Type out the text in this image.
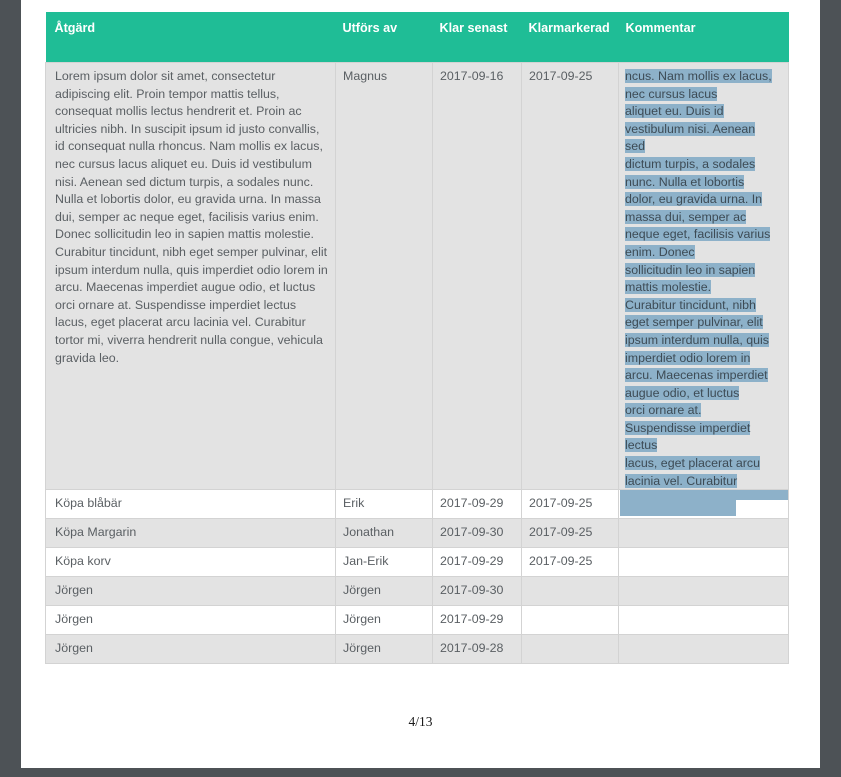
Åtgärd	Utförs av	Klar senast	Klarmarkerad	Kommentar
Lorem ipsum dolor sit amet, consectetur adipiscing elit. Proin tempor mattis tellus, consequat mollis lectus hendrerit et. Proin ac ultricies nibh. In suscipit ipsum id justo convallis, id consequat nulla rhoncus. Nam mollis ex lacus, nec cursus lacus aliquet eu. Duis id vestibulum nisi. Aenean sed dictum turpis, a sodales nunc. Nulla et lobortis dolor, eu gravida urna. In massa dui, semper ac neque eget, facilisis varius enim. Donec sollicitudin leo in sapien mattis molestie. Curabitur tincidunt, nibh eget semper pulvinar, elit ipsum interdum nulla, quis imperdiet odio lorem in arcu. Maecenas imperdiet augue odio, et luctus orci ornare at. Suspendisse imperdiet lectus lacus, eget placerat arcu lacinia vel. Curabitur tortor mi, viverra hendrerit nulla congue, vehicula gravida leo.	Magnus	2017-09-16	2017-09-25	ncus. Nam mollis ex lacus,
nec cursus lacus
aliquet eu. Duis id
vestibulum nisi. Aenean
sed
dictum turpis, a sodales
nunc. Nulla et lobortis
dolor, eu gravida urna. In
massa dui, semper ac
neque eget, facilisis varius
enim. Donec
sollicitudin leo in sapien
mattis molestie.
Curabitur tincidunt, nibh
eget semper pulvinar, elit
ipsum interdum nulla, quis
imperdiet odio lorem in
arcu. Maecenas imperdiet
augue odio, et luctus
orci ornare at.
Suspendisse imperdiet
lectus
lacus, eget placerat arcu
lacinia vel. Curabitur

Köpa blåbär	Erik	2017-09-29	2017-09-25	

Köpa Margarin	Jonathan	2017-09-30	2017-09-25	
Köpa korv	Jan-Erik	2017-09-29	2017-09-25	
Jörgen	Jörgen	2017-09-30		
Jörgen	Jörgen	2017-09-29		
Jörgen	Jörgen	2017-09-28		
4/13
